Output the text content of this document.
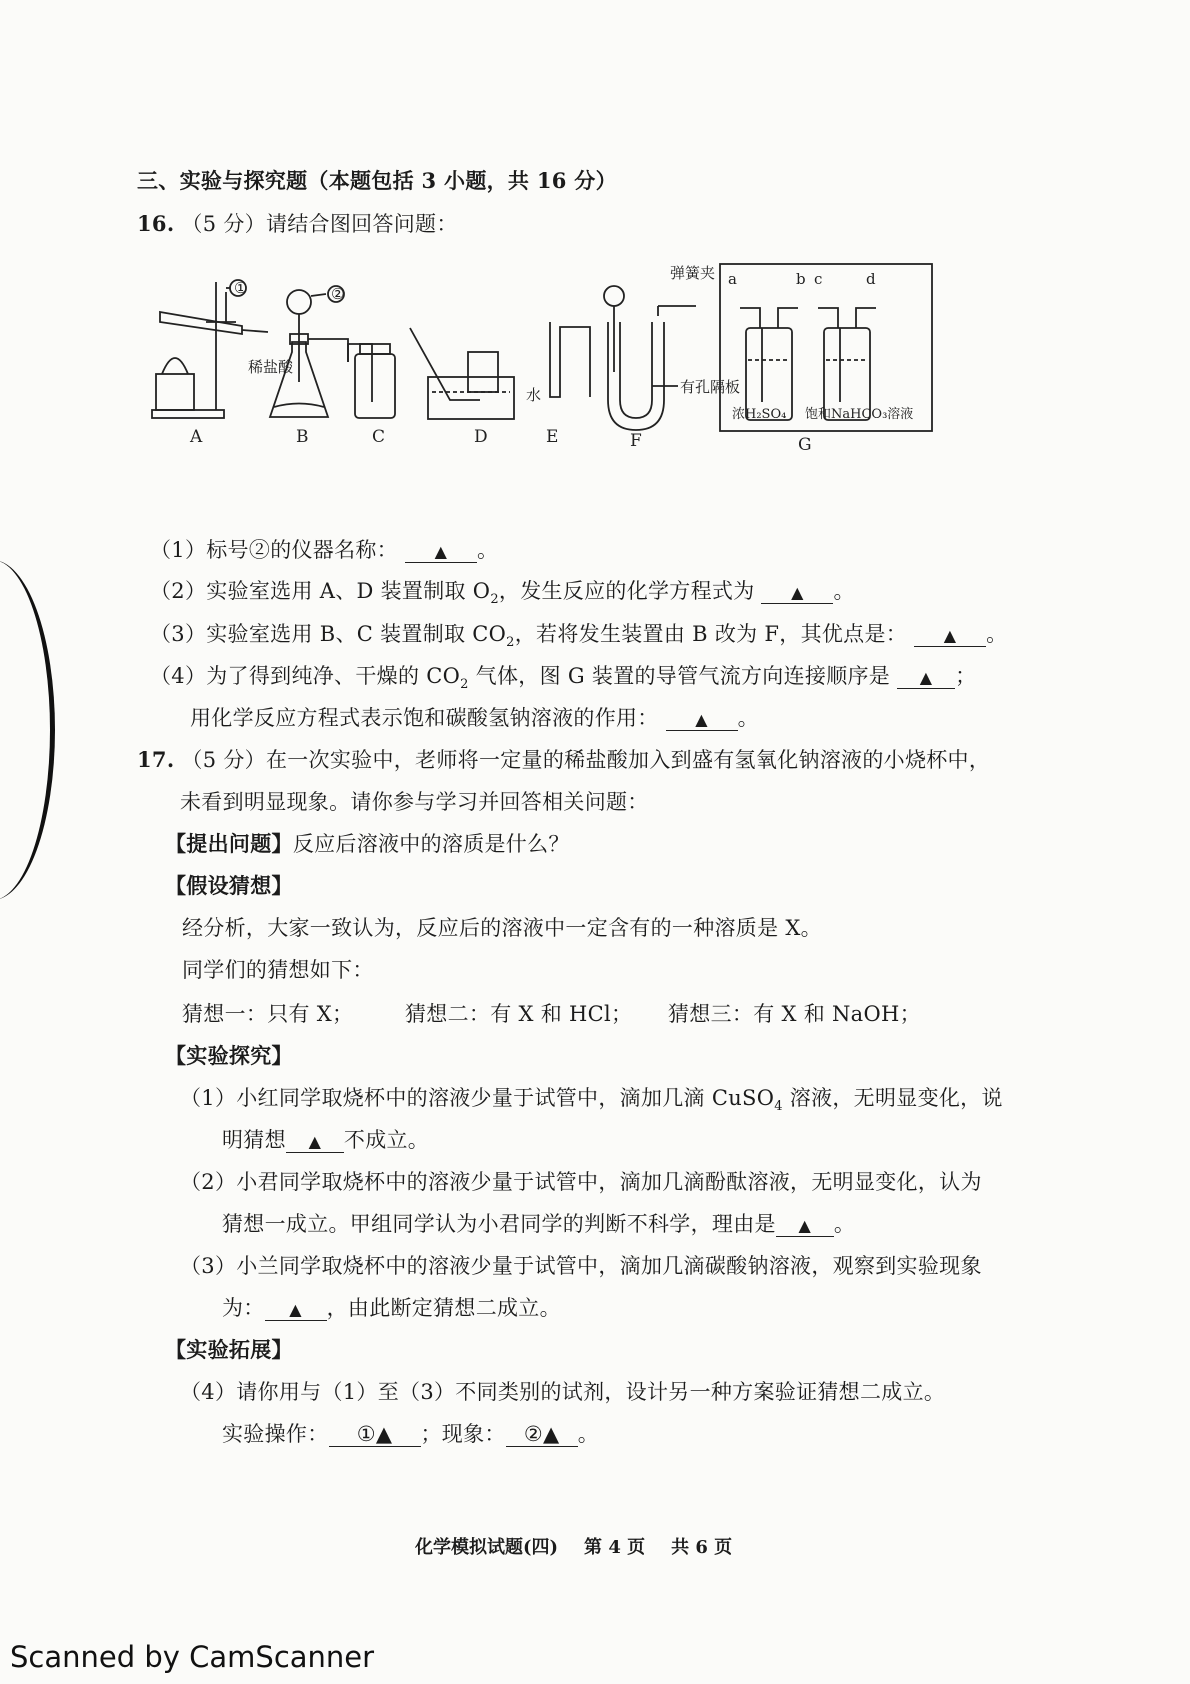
三、实验与探究题（本题包括 3 小题，共 16 分）
16. （5 分）请结合图回答问题：
①	②
稀盐酸
水
弹簧夹
有孔隔板
a	b c	d
浓H₂SO₄ 饱和NaHCO₃溶液
A	B	C	D	E	F	G
（1）标号②的仪器名称： ▲ 。
（2）实验室选用 A、D 装置制取 $O_2$，发生反应的化学方程式为 ▲ 。
（3）实验室选用 B、C 装置制取 $CO_2$，若将发生装置由 B 改为 F，其优点是： ▲ 。
（4）为了得到纯净、干燥的 $CO_2$ 气体，图 G 装置的导管气流方向连接顺序是 ▲ ；
用化学反应方程式表示饱和碳酸氢钠溶液的作用： ▲ 。
17. （5 分）在一次实验中，老师将一定量的稀盐酸加入到盛有氢氧化钠溶液的小烧杯中，
未看到明显现象。请你参与学习并回答相关问题：
【提出问题】反应后溶液中的溶质是什么？
【假设猜想】
经分析，大家一致认为，反应后的溶液中一定含有的一种溶质是 X。
同学们的猜想如下：
猜想一：只有 X； 猜想二：有 X 和 HCl； 猜想三：有 X 和 NaOH；
【实验探究】
（1）小红同学取烧杯中的溶液少量于试管中，滴加几滴 CuSO$_4$ 溶液，无明显变化，说
明猜想 ▲ 不成立。
（2）小君同学取烧杯中的溶液少量于试管中，滴加几滴酚酞溶液，无明显变化，认为
猜想一成立。甲组同学认为小君同学的判断不科学，理由是 ▲ 。
（3）小兰同学取烧杯中的溶液少量于试管中，滴加几滴碳酸钠溶液，观察到实验现象
为： ▲ ，由此断定猜想二成立。
【实验拓展】
（4）请你用与（1）至（3）不同类别的试剂，设计另一种方案验证猜想二成立。
实验操作： ①▲ ；现象： ②▲ 。
化学模拟试题(四) 第 4 页 共 6 页
Scanned by CamScanner
